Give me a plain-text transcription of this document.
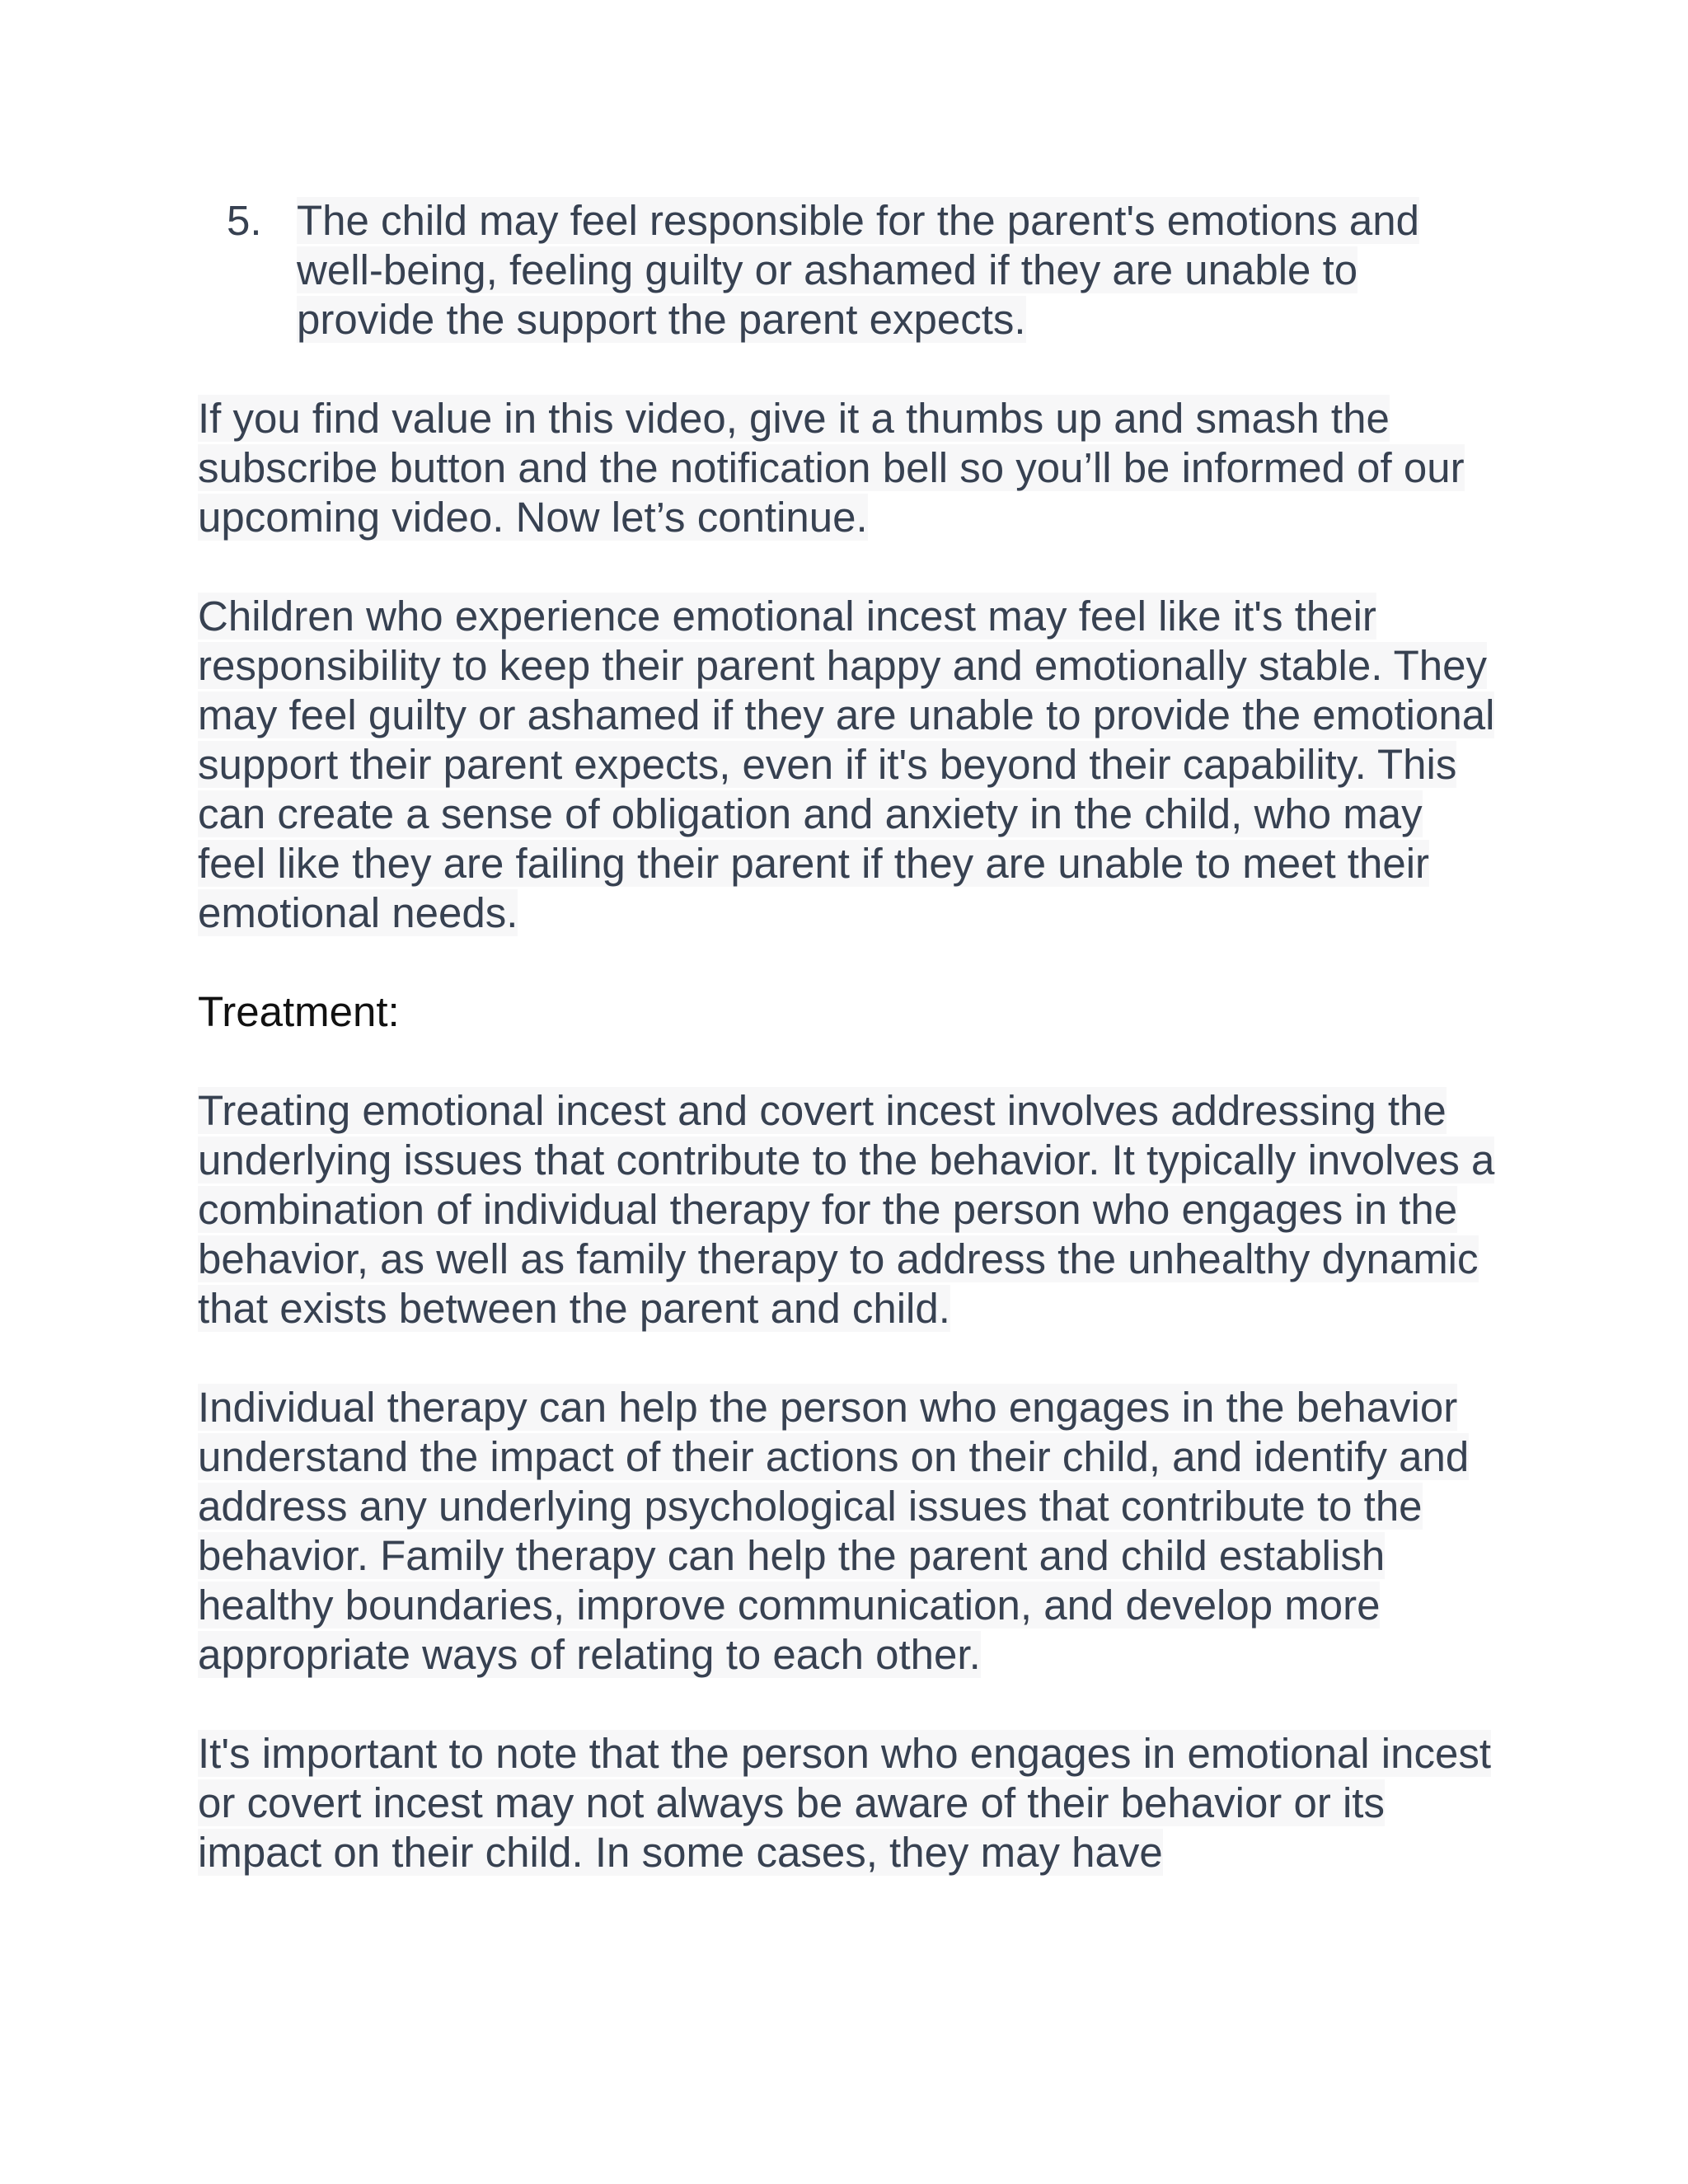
5. The child may feel responsible for the parent's emotions and well-being, feeling guilty or ashamed if they are unable to provide the support the parent expects.
If you find value in this video, give it a thumbs up and smash the subscribe button and the notification bell so you’ll be informed of our upcoming video. Now let’s continue.
Children who experience emotional incest may feel like it's their responsibility to keep their parent happy and emotionally stable. They may feel guilty or ashamed if they are unable to provide the emotional support their parent expects, even if it's beyond their capability. This can create a sense of obligation and anxiety in the child, who may feel like they are failing their parent if they are unable to meet their emotional needs.
Treatment:
Treating emotional incest and covert incest involves addressing the underlying issues that contribute to the behavior. It typically involves a combination of individual therapy for the person who engages in the behavior, as well as family therapy to address the unhealthy dynamic that exists between the parent and child.
Individual therapy can help the person who engages in the behavior understand the impact of their actions on their child, and identify and address any underlying psychological issues that contribute to the behavior. Family therapy can help the parent and child establish healthy boundaries, improve communication, and develop more appropriate ways of relating to each other.
It's important to note that the person who engages in emotional incest or covert incest may not always be aware of their behavior or its impact on their child. In some cases, they may have
